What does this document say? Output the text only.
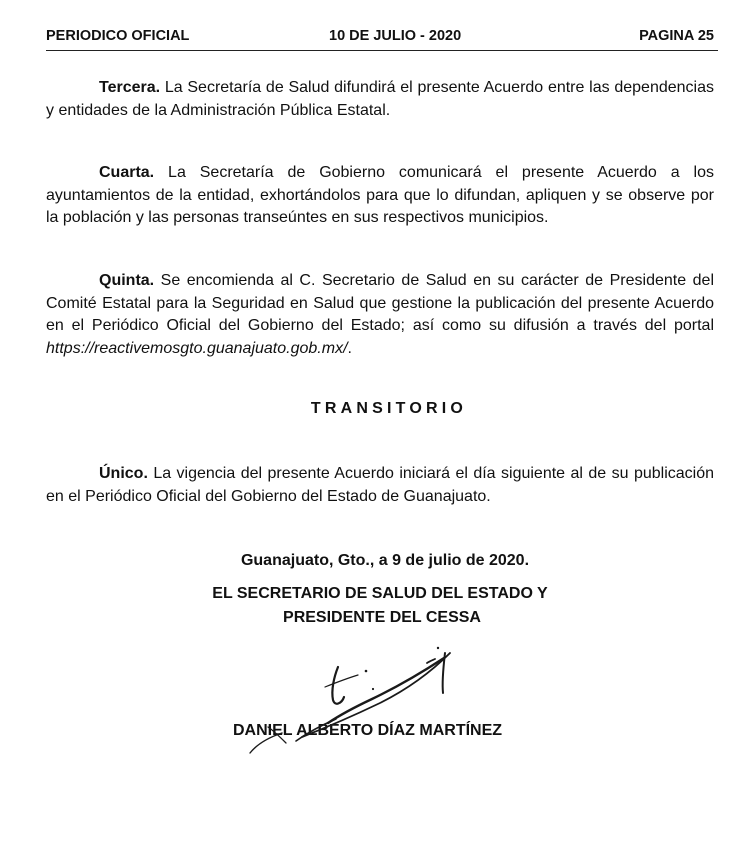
PERIODICO OFICIAL	10 DE JULIO - 2020	PAGINA 25

Tercera. La Secretaría de Salud difundirá el presente Acuerdo entre las dependencias y entidades de la Administración Pública Estatal.

Cuarta. La Secretaría de Gobierno comunicará el presente Acuerdo a los ayuntamientos de la entidad, exhortándolos para que lo difundan, apliquen y se observe por la población y las personas transeúntes en sus respectivos municipios.

Quinta. Se encomienda al C. Secretario de Salud en su carácter de Presidente del Comité Estatal para la Seguridad en Salud que gestione la publicación del presente Acuerdo en el Periódico Oficial del Gobierno del Estado; así como su difusión a través del portal https://reactivemosgto.guanajuato.gob.mx/.

TRANSITORIO

Único. La vigencia del presente Acuerdo iniciará el día siguiente al de su publicación en el Periódico Oficial del Gobierno del Estado de Guanajuato.

Guanajuato, Gto., a 9 de julio de 2020.

EL SECRETARIO DE SALUD DEL ESTADO Y

PRESIDENTE DEL CESSA

DANIEL ALBERTO DÍAZ MARTÍNEZ
